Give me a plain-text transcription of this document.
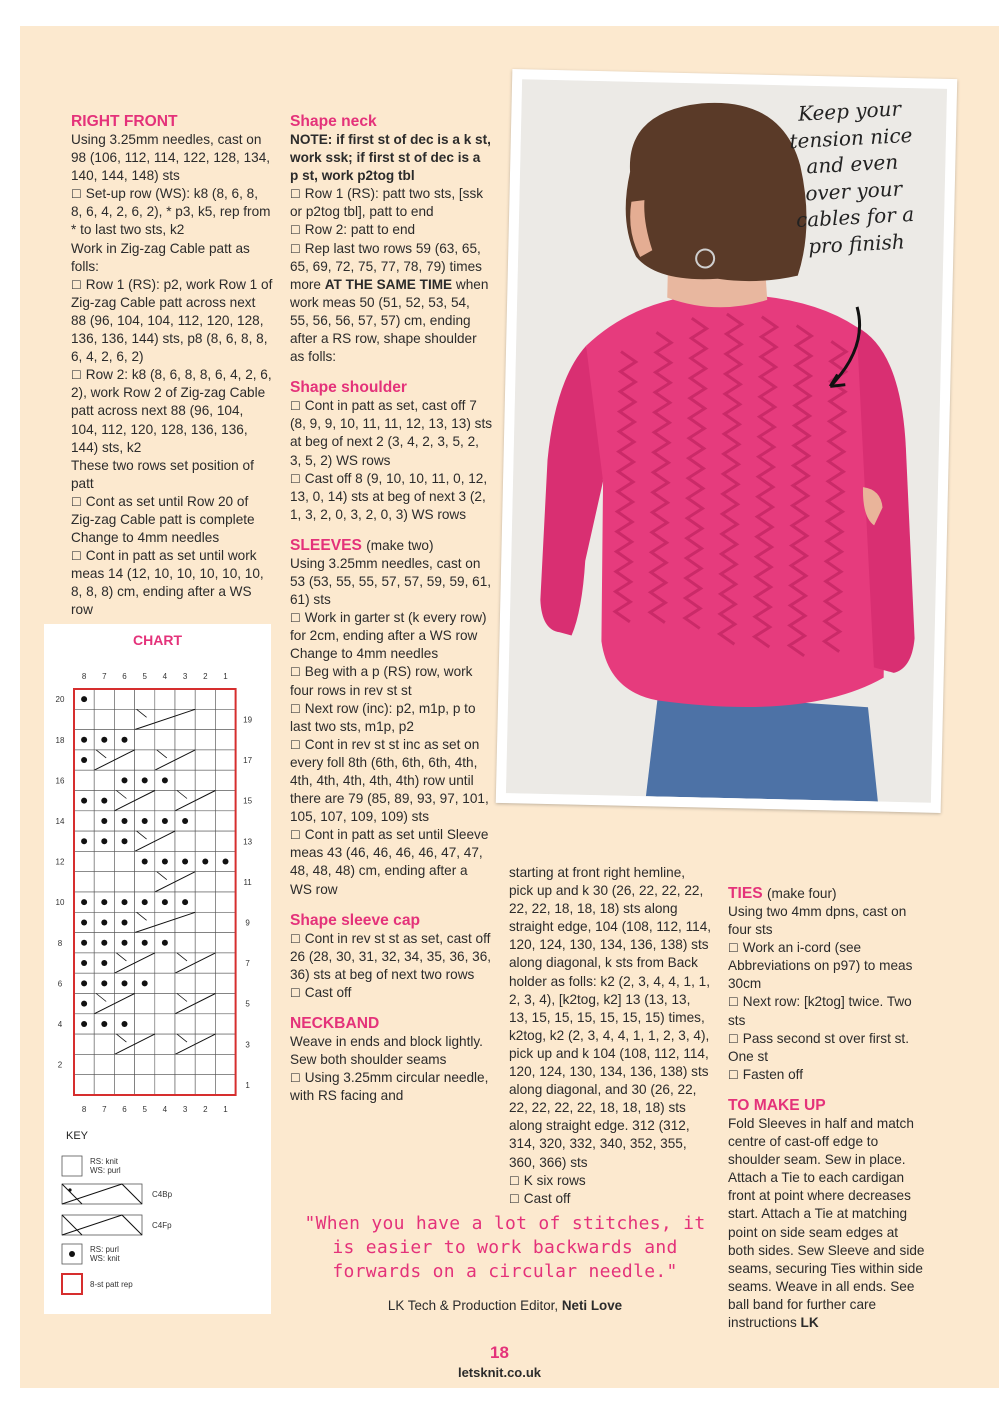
RIGHT FRONT

Using 3.25mm needles, cast on 98 (106, 112, 114, 122, 128, 134, 140, 144, 148) sts

☐ Set-up row (WS): k8 (8, 6, 8, 8, 6, 4, 2, 6, 2), * p3, k5, rep from * to last two sts, k2

Work in Zig-zag Cable patt as folls:

☐ Row 1 (RS): p2, work Row 1 of Zig-zag Cable patt across next 88 (96, 104, 104, 112, 120, 128, 136, 136, 144) sts, p8 (8, 6, 8, 8, 6, 4, 2, 6, 2)

☐ Row 2: k8 (8, 6, 8, 8, 6, 4, 2, 6, 2), work Row 2 of Zig-zag Cable patt across next 88 (96, 104, 104, 112, 120, 128, 136, 136, 144) sts, k2

These two rows set position of patt

☐ Cont as set until Row 20 of Zig-zag Cable patt is complete

Change to 4mm needles

☐ Cont in patt as set until work meas 14 (12, 10, 10, 10, 10, 10, 8, 8, 8) cm, ending after a WS row

Shape neck

NOTE: if first st of dec is a k st, work ssk; if first st of dec is a p st, work p2tog tbl

☐ Row 1 (RS): patt two sts, [ssk or p2tog tbl], patt to end

☐ Row 2: patt to end

☐ Rep last two rows 59 (63, 65, 65, 69, 72, 75, 77, 78, 79) times more AT THE SAME TIME when work meas 50 (51, 52, 53, 54, 55, 56, 56, 57, 57) cm, ending after a RS row, shape shoulder as folls:

Shape shoulder

☐ Cont in patt as set, cast off 7 (8, 9, 9, 10, 11, 11, 12, 13, 13) sts at beg of next 2 (3, 4, 2, 3, 5, 2, 3, 5, 2) WS rows

☐ Cast off 8 (9, 10, 10, 11, 0, 12, 13, 0, 14) sts at beg of next 3 (2, 1, 3, 2, 0, 3, 2, 0, 3) WS rows

SLEEVES (make two)

Using 3.25mm needles, cast on 53 (53, 55, 55, 57, 57, 59, 59, 61, 61) sts

☐ Work in garter st (k every row) for 2cm, ending after a WS row

Change to 4mm needles

☐ Beg with a p (RS) row, work four rows in rev st st

☐ Next row (inc): p2, m1p, p to last two sts, m1p, p2

☐ Cont in rev st st inc as set on every foll 8th (6th, 6th, 6th, 4th, 4th, 4th, 4th, 4th, 4th) row until there are 79 (85, 89, 93, 97, 101, 105, 107, 109, 109) sts

☐ Cont in patt as set until Sleeve meas 43 (46, 46, 46, 46, 47, 47, 48, 48, 48) cm, ending after a WS row

Shape sleeve cap

☐ Cont in rev st st as set, cast off 26 (28, 30, 31, 32, 34, 35, 36, 36, 36) sts at beg of next two rows

☐ Cast off

NECKBAND

Weave in ends and block lightly. Sew both shoulder seams

☐ Using 3.25mm circular needle, with RS facing and

starting at front right hemline, pick up and k 30 (26, 22, 22, 22, 22, 22, 18, 18, 18) sts along straight edge, 104 (108, 112, 114, 120, 124, 130, 134, 136, 138) sts along diagonal, k sts from Back holder as folls: k2 (2, 3, 4, 4, 1, 1, 2, 3, 4), [k2tog, k2] 13 (13, 13, 13, 15, 15, 15, 15, 15, 15) times, k2tog, k2 (2, 3, 4, 4, 1, 1, 2, 3, 4), pick up and k 104 (108, 112, 114, 120, 124, 130, 134, 136, 138) sts along diagonal, and 30 (26, 22, 22, 22, 22, 22, 18, 18, 18) sts along straight edge. 312 (312, 314, 320, 332, 340, 352, 355, 360, 366) sts

☐ K six rows

☐ Cast off

TIES (make four)

Using two 4mm dpns, cast on four sts

☐ Work an i-cord (see Abbreviations on p97) to meas 30cm

☐ Next row: [k2tog] twice. Two sts

☐ Pass second st over first st. One st

☐ Fasten off

TO MAKE UP

Fold Sleeves in half and match centre of cast-off edge to shoulder seam. Sew in place. Attach a Tie to each cardigan front at point where decreases start. Attach a Tie at matching point on side seam edges at both sides. Sew Sleeve and side seams, securing Ties within side seams. Weave in all ends. See ball band for further care instructions LK

Keep your tension nice and even over your cables for a pro finish
CHART
8
8
7
7
6
6
5
5
4
4
3
3
2
2
1
1
20
18
16
14
12
10
8
6
4
2
19
17
15
13
11
9
7
5
3
1
KEY
RS: knit
WS: purl
C4Bp
C4Fp
RS: purl
WS: knit
8-st patt rep
"When you have a lot of stitches, it is easier to work backwards and forwards on a circular needle."
LK Tech & Production Editor, Neti Love
18
letsknit.co.uk
